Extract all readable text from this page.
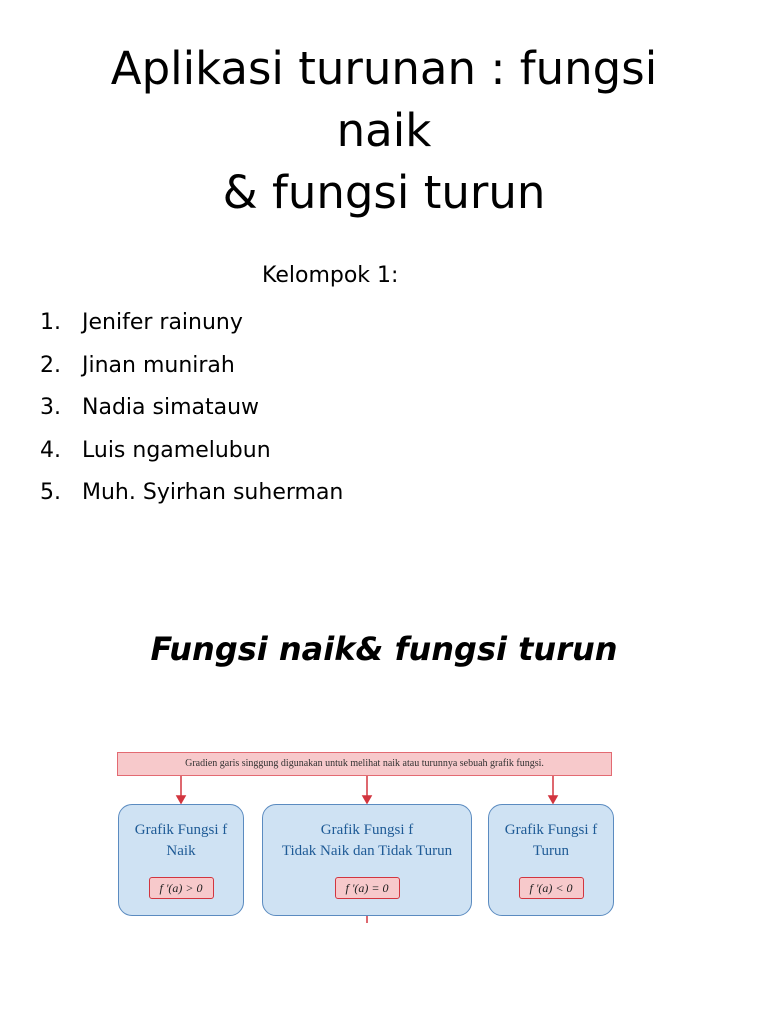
Aplikasi turunan : fungsi
naik
& fungsi turun
Kelompok 1:
1. Jenifer rainuny
2. Jinan munirah
3. Nadia simatauw
4. Luis ngamelubun
5. Muh. Syirhan suherman
Fungsi naik& fungsi turun
Gradien garis singgung digunakan untuk melihat naik atau turunnya sebuah grafik fungsi.
Grafik Fungsi f
Naik
f '(a) > 0
Grafik Fungsi f
Tidak Naik dan Tidak Turun
f '(a) = 0
Grafik Fungsi f
Turun
f '(a) < 0
